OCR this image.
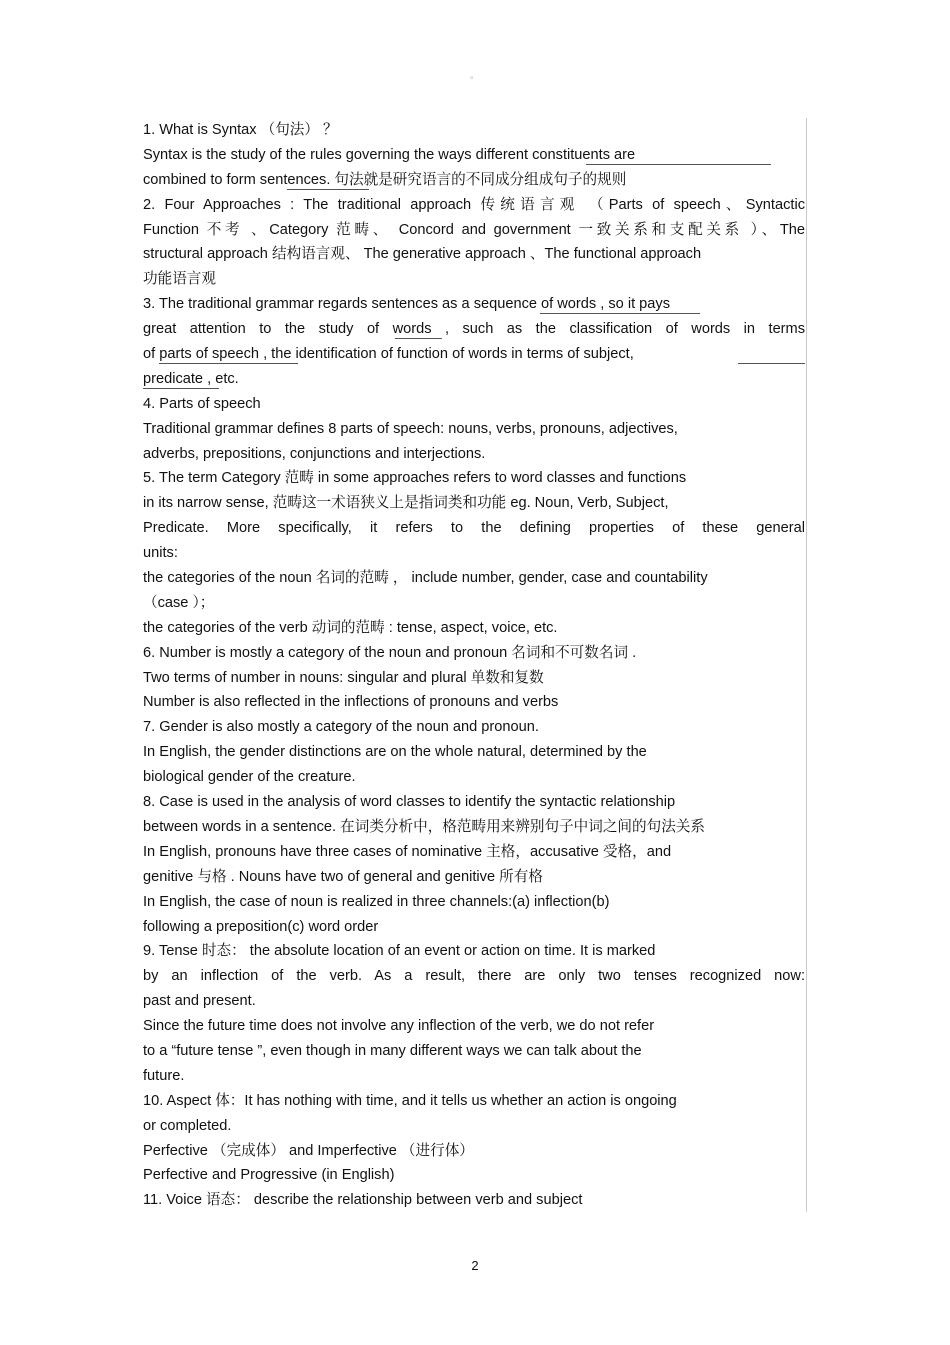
。
1. What is Syntax （句法） ？
Syntax is the study of the rules governing the ways different constituents are
combined to form sentences. 句法就是研究语言的不同成分组成句子的规则
2. Four Approaches : The traditional approach 传统语言观 （Parts of speech、Syntactic
Function 不考 、Category 范畴、 Concord and government 一致关系和支配关系 ）、The
structural approach 结构语言观、 The generative approach 、The functional approach
功能语言观
3. The traditional grammar regards sentences as a sequence of words , so it pays
great attention to the study of words , such as the classification of words in terms
of parts of speech , the identification of function of words in terms of subject,
predicate , etc.
4. Parts of speech
Traditional grammar defines 8 parts of speech: nouns, verbs, pronouns, adjectives,
adverbs, prepositions, conjunctions and interjections.
5. The term Category 范畴 in some approaches refers to word classes and functions
in its narrow sense, 范畴这一术语狭义上是指词类和功能 eg. Noun, Verb, Subject,
Predicate. More specifically, it refers to the defining properties of these general
units:
the categories of the noun 名词的范畴 ， include number, gender, case and countability
（case ）；
the categories of the verb 动词的范畴 : tense, aspect, voice, etc.
6. Number is mostly a category of the noun and pronoun 名词和不可数名词 .
Two terms of number in nouns: singular and plural 单数和复数
Number is also reflected in the inflections of pronouns and verbs
7. Gender is also mostly a category of the noun and pronoun.
In English, the gender distinctions are on the whole natural, determined by the
biological gender of the creature.
8. Case is used in the analysis of word classes to identify the syntactic relationship
between words in a sentence. 在词类分析中，格范畴用来辨别句子中词之间的句法关系
In English, pronouns have three cases of nominative 主格，accusative 受格，and
genitive 与格 . Nouns have two of general and genitive 所有格
In English, the case of noun is realized in three channels:(a) inflection(b)
following a preposition(c) word order
9. Tense 时态： the absolute location of an event or action on time. It is marked
by an inflection of the verb. As a result, there are only two tenses recognized now:
past and present.
Since the future time does not involve any inflection of the verb, we do not refer
to a “future tense ”, even though in many different ways we can talk about the
future.
10. Aspect 体：It has nothing with time, and it tells us whether an action is ongoing
or completed.
Perfective （完成体） and Imperfective （进行体）
Perfective and Progressive (in English)
11. Voice 语态： describe the relationship between verb and subject
2
